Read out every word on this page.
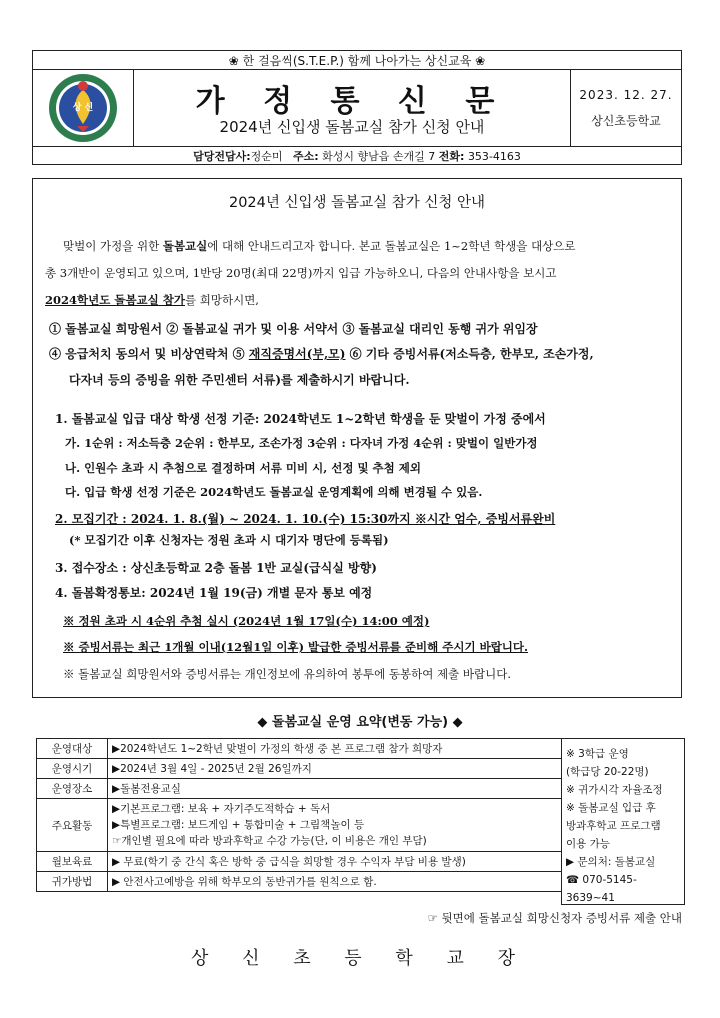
❀ 한 걸음씩(S.T.E.P.) 함께 나아가는 상신교육 ❀
상 신	가 정 통 신 문
2024년 신입생 돌봄교실 참가 신청 안내
2023. 12. 27.
상신초등학교
담당전담사:정순미 주소: 화성시 향남읍 손개길 7 전화: 353-4163
2024년 신입생 돌봄교실 참가 신청 안내
맞벌이 가정을 위한 돌봄교실에 대해 안내드리고자 합니다. 본교 돌봄교실은 1~2학년 학생을 대상으로
총 3개반이 운영되고 있으며, 1반당 20명(최대 22명)까지 입급 가능하오니, 다음의 안내사항을 보시고
2024학년도 돌봄교실 참가를 희망하시면,
① 돌봄교실 희망원서 ② 돌봄교실 귀가 및 이용 서약서 ③ 돌봄교실 대리인 동행 귀가 위임장
④ 응급처치 동의서 및 비상연락처 ⑤ 재직증명서(부,모) ⑥ 기타 증빙서류(저소득층, 한부모, 조손가정,
다자녀 등의 증빙을 위한 주민센터 서류)를 제출하시기 바랍니다.
1. 돌봄교실 입급 대상 학생 선정 기준: 2024학년도 1~2학년 학생을 둔 맞벌이 가정 중에서
가. 1순위 : 저소득층 2순위 : 한부모, 조손가정 3순위 : 다자녀 가정 4순위 : 맞벌이 일반가정
나. 인원수 초과 시 추첨으로 결정하며 서류 미비 시, 선정 및 추첨 제외
다. 입급 학생 선정 기준은 2024학년도 돌봄교실 운영계획에 의해 변경될 수 있음.
2. 모집기간 : 2024. 1. 8.(월) ~ 2024. 1. 10.(수) 15:30까지 ※시간 엄수, 증빙서류완비
(* 모집기간 이후 신청자는 정원 초과 시 대기자 명단에 등록됨)
3. 접수장소 : 상신초등학교 2층 돌봄 1반 교실(급식실 방향)
4. 돌봄확정통보: 2024년 1월 19(금) 개별 문자 통보 예정
※ 정원 초과 시 4순위 추첨 실시 (2024년 1월 17일(수) 14:00 예정)
※ 증빙서류는 최근 1개월 이내(12월1일 이후) 발급한 증빙서류를 준비해 주시기 바랍니다.
※ 돌봄교실 희망원서와 증빙서류는 개인정보에 유의하여 봉투에 동봉하여 제출 바랍니다.
◆ 돌봄교실 운영 요약(변동 가능) ◆
운영대상	▶2024학년도 1~2학년 맞벌이 가정의 학생 중 본 프로그램 참가 희망자
운영시기	▶2024년 3월 4일 - 2025년 2월 26일까지
운영장소	▶돌봄전용교실
주요활동	▶기본프로그램: 보육 + 자기주도적학습 + 독서
▶특별프로그램: 보드게임 + 통합미술 + 그림책놀이 등
☞개인별 필요에 따라 방과후학교 수강 가능(단, 이 비용은 개인 부담)

월보육료	▶ 무료(학기 중 간식 혹은 방학 중 급식을 희망할 경우 수익자 부담 비용 발생)
귀가방법	▶ 안전사고예방을 위해 학부모의 동반귀가를 원칙으로 함.
※ 3학급 운영
(학급당 20-22명)
※ 귀가시각 자율조정
※ 돌봄교실 입급 후
방과후학교 프로그램
이용 가능
▶ 문의처: 돌봄교실
☎ 070-5145-3639~41
☞ 뒷면에 돌봄교실 희망신청자 증빙서류 제출 안내
상 신 초 등 학 교 장
